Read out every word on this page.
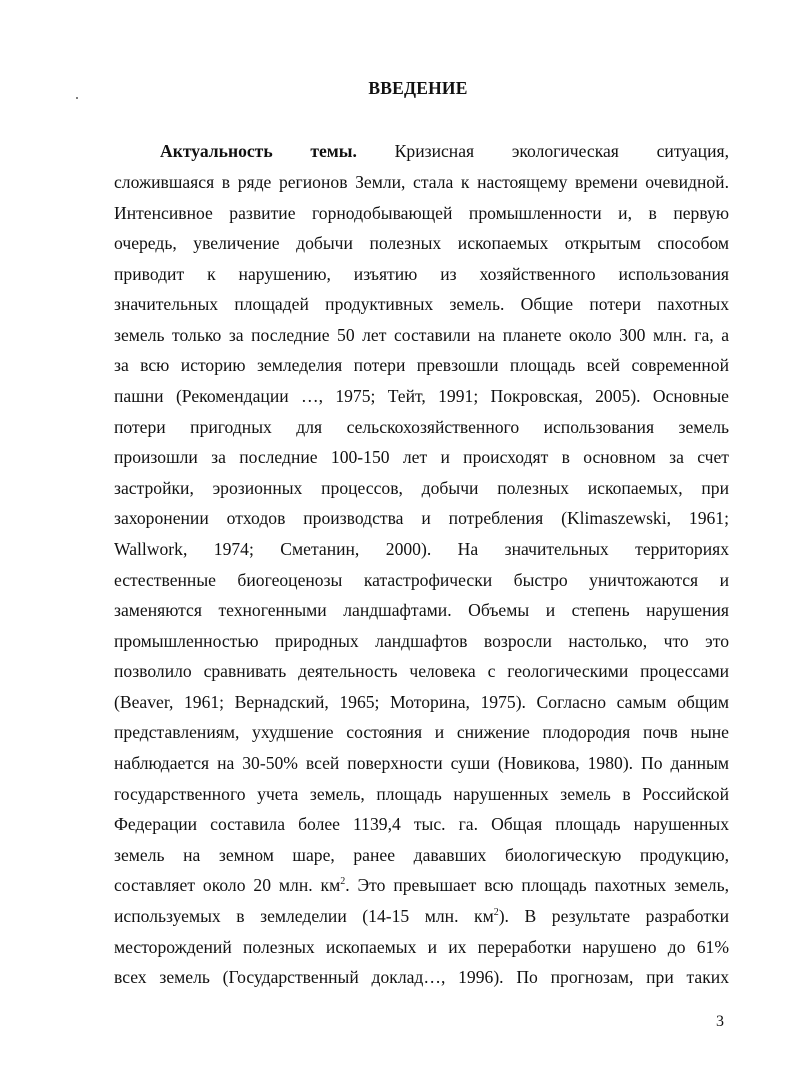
ВВЕДЕНИЕ
Актуальность темы. Кризисная экологическая ситуация,
сложившаяся в ряде регионов Земли, стала к настоящему времени очевидной.
Интенсивное развитие горнодобывающей промышленности и, в первую
очередь, увеличение добычи полезных ископаемых открытым способом
приводит к нарушению, изъятию из хозяйственного использования
значительных площадей продуктивных земель. Общие потери пахотных
земель только за последние 50 лет составили на планете около 300 млн. га, а
за всю историю земледелия потери превзошли площадь всей современной
пашни (Рекомендации …, 1975; Тейт, 1991; Покровская, 2005). Основные
потери пригодных для сельскохозяйственного использования земель
произошли за последние 100-150 лет и происходят в основном за счет
застройки, эрозионных процессов, добычи полезных ископаемых, при
захоронении отходов производства и потребления (Klimaszewski, 1961;
Wallwork, 1974; Сметанин, 2000). На значительных территориях
естественные биогеоценозы катастрофически быстро уничтожаются и
заменяются техногенными ландшафтами. Объемы и степень нарушения
промышленностью природных ландшафтов возросли настолько, что это
позволило сравнивать деятельность человека с геологическими процессами
(Beaver, 1961; Вернадский, 1965; Моторина, 1975). Согласно самым общим
представлениям, ухудшение состояния и снижение плодородия почв ныне
наблюдается на 30-50% всей поверхности суши (Новикова, 1980). По данным
государственного учета земель, площадь нарушенных земель в Российской
Федерации составила более 1139,4 тыс. га. Общая площадь нарушенных
земель на земном шаре, ранее дававших биологическую продукцию,
составляет около 20 млн. $км^2$. Это превышает всю площадь пахотных земель,
используемых в земледелии (14-15 млн. $км^2$). В результате разработки
месторождений полезных ископаемых и их переработки нарушено до 61%
всех земель (Государственный доклад…, 1996). По прогнозам, при таких
3
